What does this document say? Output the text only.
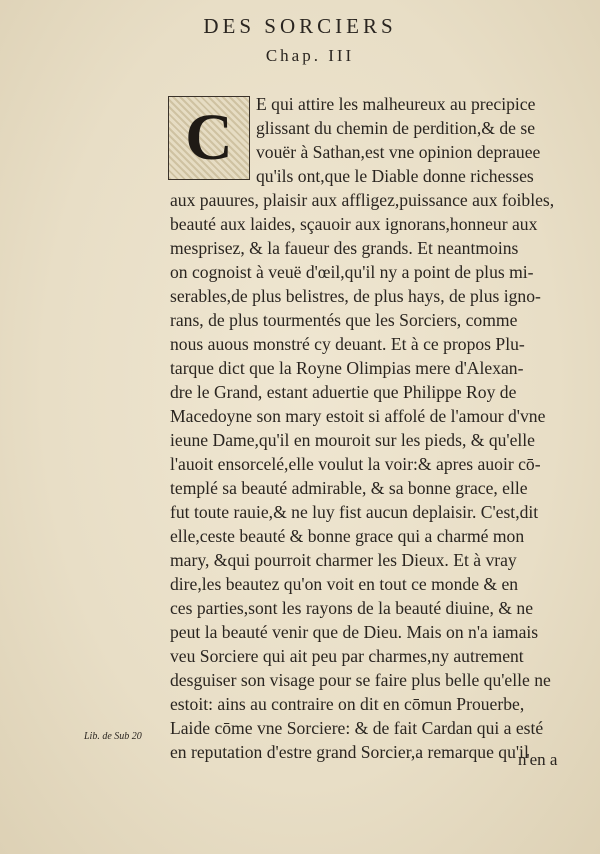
DES SORCIERS
Chap. III
C E qui attire les malheureux au precipice
glissant du chemin de perdition,& de se
vouër à Sathan,est vne opinion deprauee
qu'ils ont,que le Diable donne richesses
aux pauures, plaisir aux affligez,puissance aux foibles,
beauté aux laides, sçauoir aux ignorans,honneur aux
mesprisez, & la faueur des grands. Et neantmoins
on cognoist à veuë d'œil,qu'il ny a point de plus mi-
serables,de plus belistres, de plus hays, de plus igno-
rans, de plus tourmentés que les Sorciers, comme
nous auous monstré cy deuant. Et à ce propos Plu-
tarque dict que la Royne Olimpias mere d'Alexan-
dre le Grand, estant aduertie que Philippe Roy de
Macedoyne son mary estoit si affolé de l'amour d'vne
ieune Dame,qu'il en mouroit sur les pieds, & qu'elle
l'auoit ensorcelé,elle voulut la voir:& apres auoir cō-
templé sa beauté admirable, & sa bonne grace, elle
fut toute rauie,& ne luy fist aucun deplaisir. C'est,dit
elle,ceste beauté & bonne grace qui a charmé mon
mary, &qui pourroit charmer les Dieux. Et à vray
dire,les beautez qu'on voit en tout ce monde & en
ces parties,sont les rayons de la beauté diuine, & ne
peut la beauté venir que de Dieu. Mais on n'a iamais
veu Sorciere qui ait peu par charmes,ny autrement
desguiser son visage pour se faire plus belle qu'elle ne
estoit: ains au contraire on dit en cōmun Prouerbe,
Laide cōme vne Sorciere: & de fait Cardan qui a esté
en reputation d'estre grand Sorcier,a remarque qu'il
Lib. de Sub 20
n'en a
